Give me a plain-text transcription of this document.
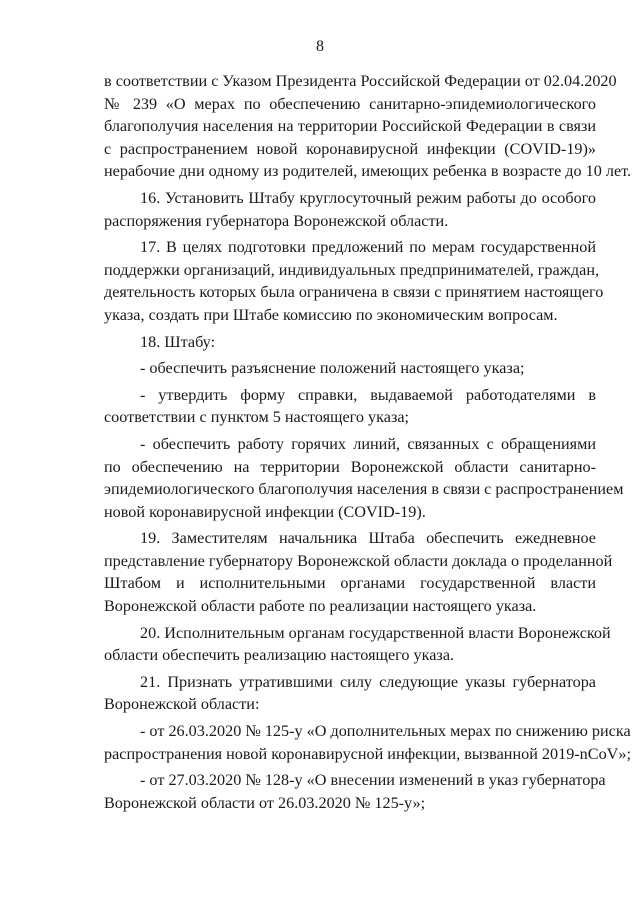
8
в соответствии с Указом Президента Российской Федерации от 02.04.2020
№ 239 «О мерах по обеспечению санитарно-эпидемиологического
благополучия населения на территории Российской Федерации в связи
с распространением новой коронавирусной инфекции (COVID-19)»
нерабочие дни одному из родителей, имеющих ребенка в возрасте до 10 лет.
16. Установить Штабу круглосуточный режим работы до особого
распоряжения губернатора Воронежской области.
17. В целях подготовки предложений по мерам государственной
поддержки организаций, индивидуальных предпринимателей, граждан,
деятельность которых была ограничена в связи с принятием настоящего
указа, создать при Штабе комиссию по экономическим вопросам.
18. Штабу:
- обеспечить разъяснение положений настоящего указа;
- утвердить форму справки, выдаваемой работодателями в
соответствии с пунктом 5 настоящего указа;
- обеспечить работу горячих линий, связанных с обращениями
по обеспечению на территории Воронежской области санитарно-
эпидемиологического благополучия населения в связи с распространением
новой коронавирусной инфекции (COVID-19).
19. Заместителям начальника Штаба обеспечить ежедневное
представление губернатору Воронежской области доклада о проделанной
Штабом и исполнительными органами государственной власти
Воронежской области работе по реализации настоящего указа.
20. Исполнительным органам государственной власти Воронежской
области обеспечить реализацию настоящего указа.
21. Признать утратившими силу следующие указы губернатора
Воронежской области:
- от 26.03.2020 № 125-у «О дополнительных мерах по снижению риска
распространения новой коронавирусной инфекции, вызванной 2019-nCoV»;
- от 27.03.2020 № 128-у «О внесении изменений в указ губернатора
Воронежской области от 26.03.2020 № 125-у»;
